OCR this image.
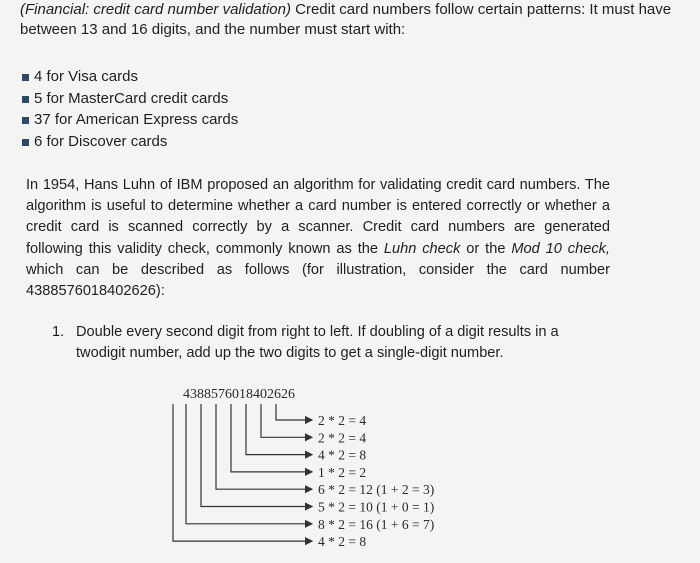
(Financial: credit card number validation) Credit card numbers follow certain patterns: It must have between 13 and 16 digits, and the number must start with:
4 for Visa cards
5 for MasterCard credit cards
37 for American Express cards
6 for Discover cards
In 1954, Hans Luhn of IBM proposed an algorithm for validating credit card numbers. The algorithm is useful to determine whether a card number is entered correctly or whether a credit card is scanned correctly by a scanner. Credit card numbers are generated following this validity check, commonly known as the Luhn check or the Mod 10 check, which can be described as follows (for illustration, consider the card number 4388576018402626):
1. Double every second digit from right to left. If doubling of a digit results in a twodigit number, add up the two digits to get a single-digit number.
4388576018402626
2 * 2 = 4
2 * 2 = 4
4 * 2 = 8
1 * 2 = 2
6 * 2 = 12 (1 + 2 = 3)
5 * 2 = 10 (1 + 0 = 1)
8 * 2 = 16 (1 + 6 = 7)
4 * 2 = 8
